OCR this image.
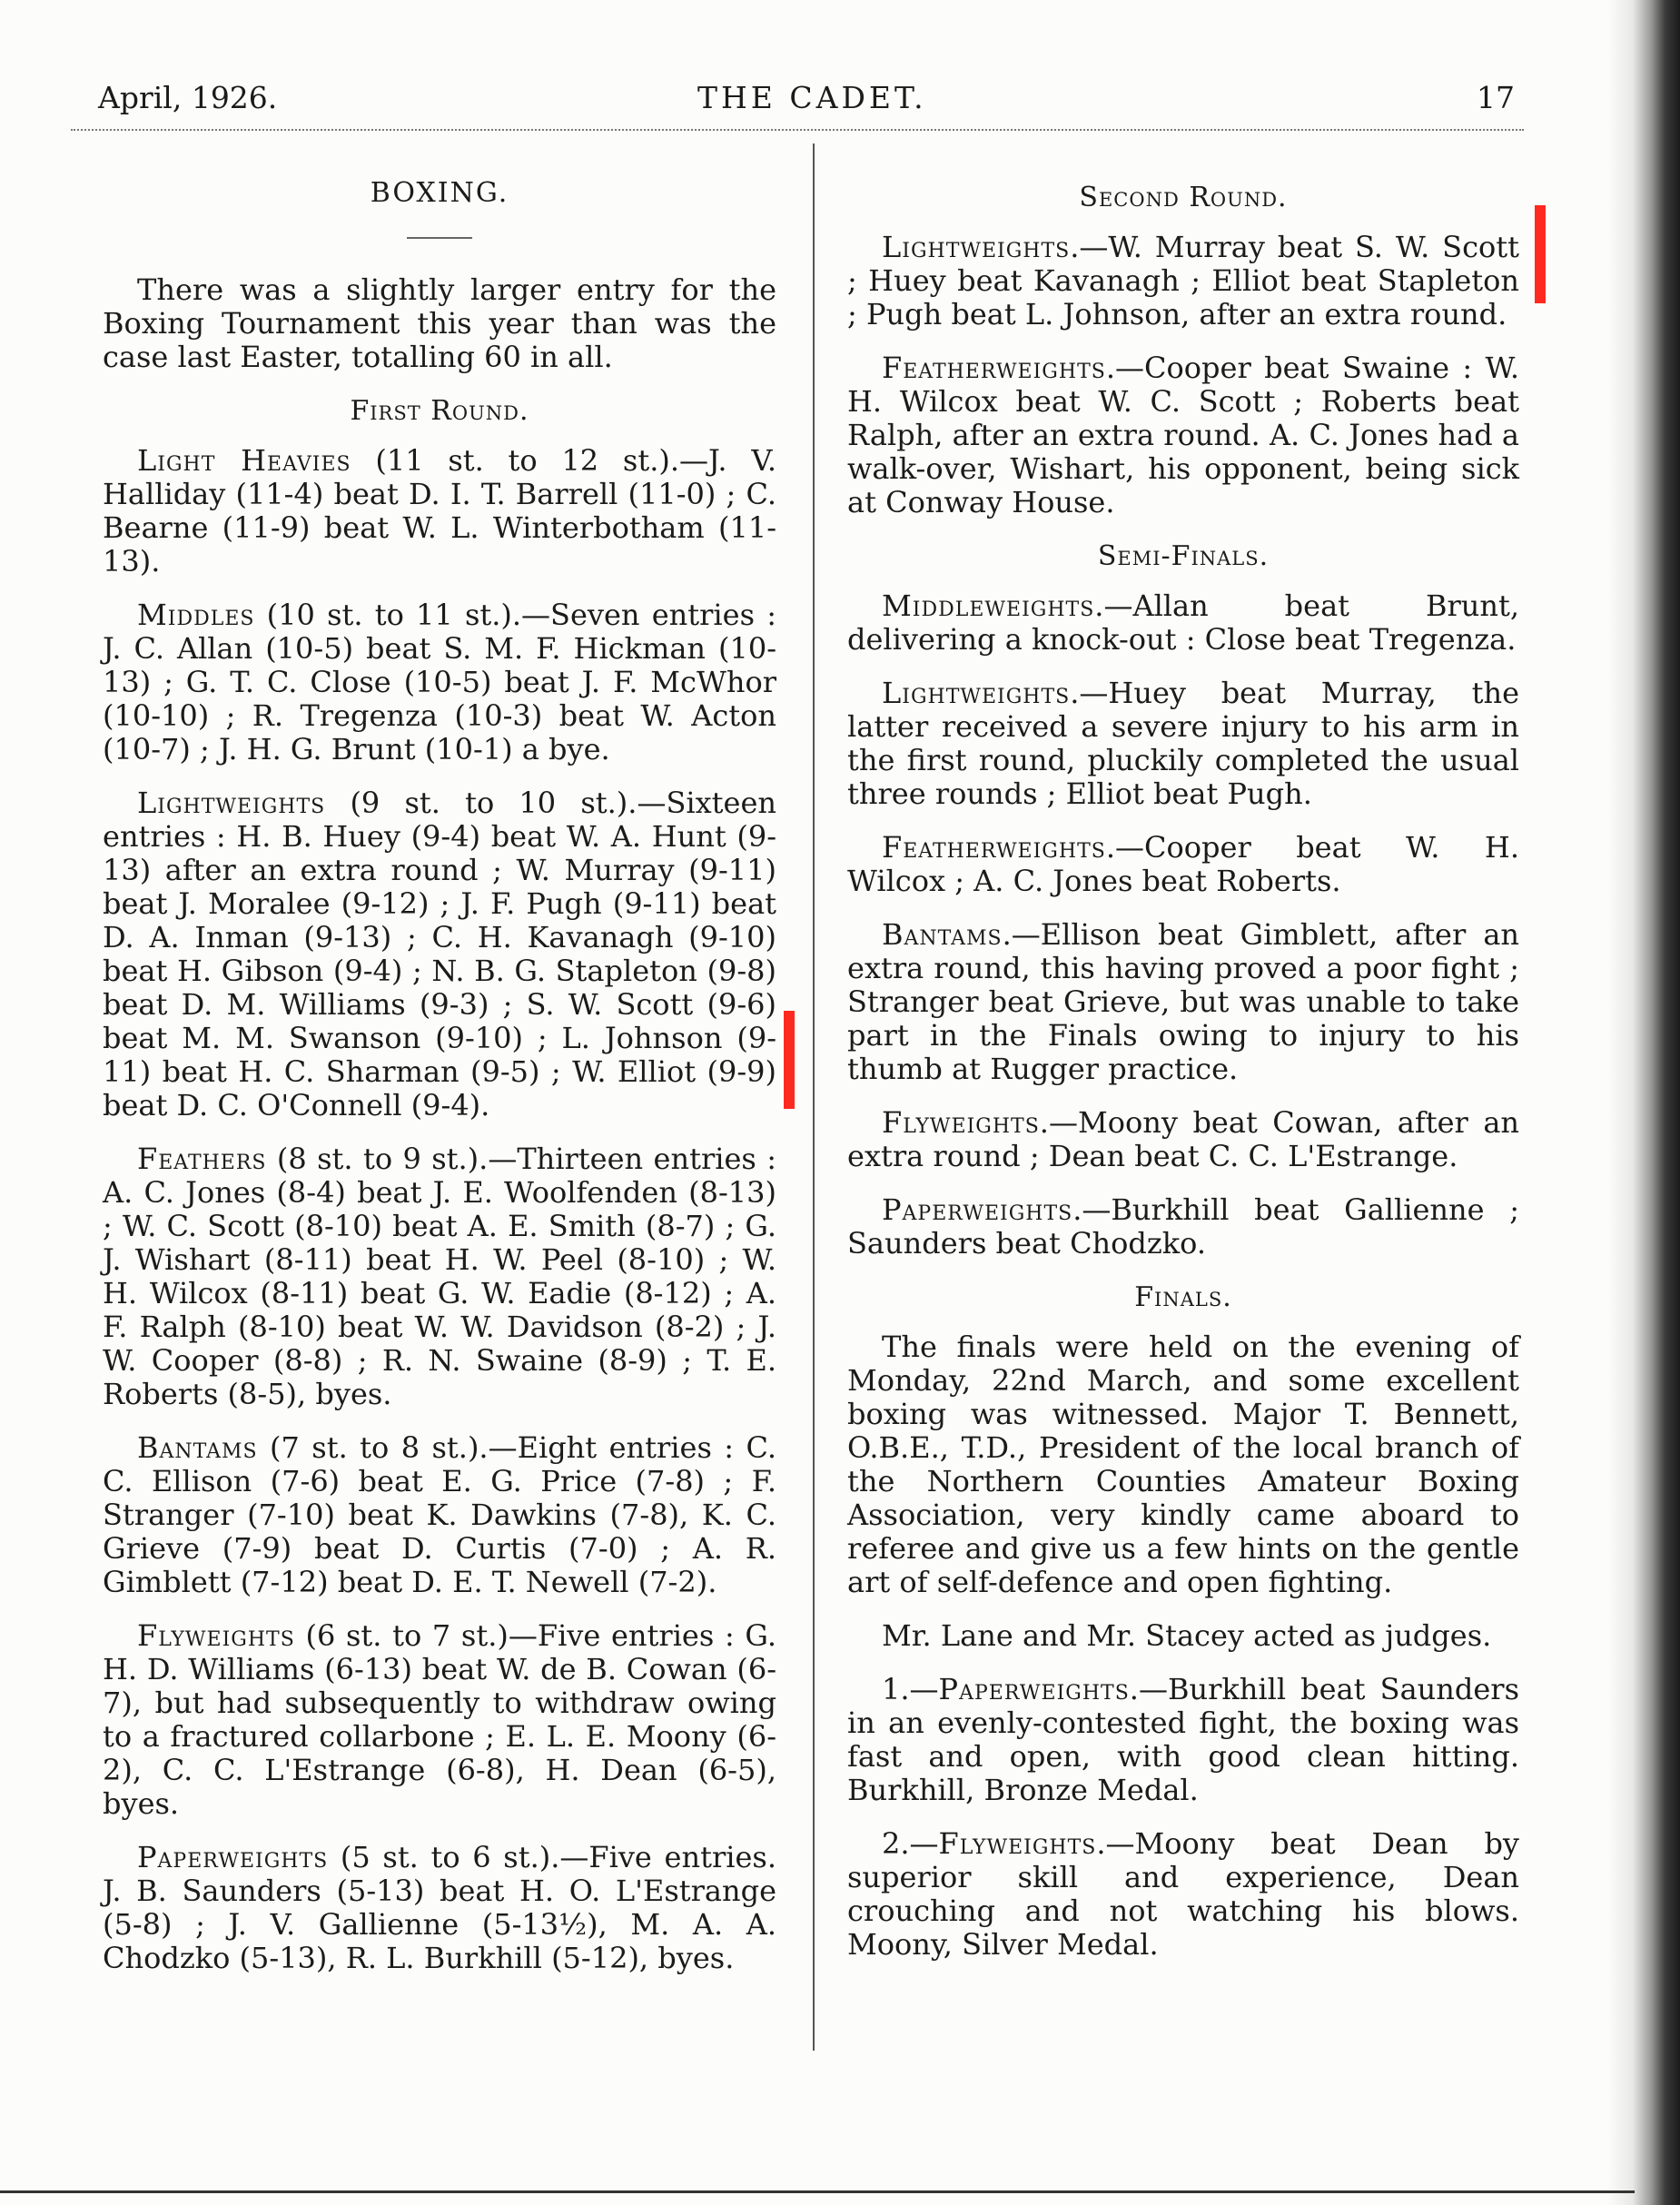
April, 1926.	THE CADET.	17
BOXING.

There was a slightly larger entry for the Boxing Tournament this year than was the case last Easter, totalling 60 in all.

First Round.

Light Heavies (11 st. to 12 st.).—J. V. Halliday (11-4) beat D. I. T. Barrell (11-0) ; C. Bearne (11-9) beat W. L. Winterbotham (11-13).

Middles (10 st. to 11 st.).—Seven entries : J. C. Allan (10-5) beat S. M. F. Hickman (10-13) ; G. T. C. Close (10-5) beat J. F. McWhor (10-10) ; R. Tregenza (10-3) beat W. Acton (10-7) ; J. H. G. Brunt (10-1) a bye.

Lightweights (9 st. to 10 st.).—Sixteen entries : H. B. Huey (9-4) beat W. A. Hunt (9-13) after an extra round ; W. Murray (9-11) beat J. Moralee (9-12) ; J. F. Pugh (9-11) beat D. A. Inman (9-13) ; C. H. Kavanagh (9-10) beat H. Gibson (9-4) ; N. B. G. Stapleton (9-8) beat D. M. Williams (9-3) ; S. W. Scott (9-6) beat M. M. Swanson (9-10) ; L. Johnson (9-11) beat H. C. Sharman (9-5) ; W. Elliot (9-9) beat D. C. O'Connell (9-4).

Feathers (8 st. to 9 st.).—Thirteen entries : A. C. Jones (8-4) beat J. E. Woolfenden (8-13) ; W. C. Scott (8-10) beat A. E. Smith (8-7) ; G. J. Wishart (8-11) beat H. W. Peel (8-10) ; W. H. Wilcox (8-11) beat G. W. Eadie (8-12) ; A. F. Ralph (8-10) beat W. W. Davidson (8-2) ; J. W. Cooper (8-8) ; R. N. Swaine (8-9) ; T. E. Roberts (8-5), byes.

Bantams (7 st. to 8 st.).—Eight entries : C. C. Ellison (7-6) beat E. G. Price (7-8) ; F. Stranger (7-10) beat K. Dawkins (7-8), K. C. Grieve (7-9) beat D. Curtis (7-0) ; A. R. Gimblett (7-12) beat D. E. T. Newell (7-2).

Flyweights (6 st. to 7 st.)—Five entries : G. H. D. Williams (6-13) beat W. de B. Cowan (6-7), but had subsequently to withdraw owing to a fractured collarbone ; E. L. E. Moony (6-2), C. C. L'Estrange (6-8), H. Dean (6-5), byes.

Paperweights (5 st. to 6 st.).—Five entries. J. B. Saunders (5-13) beat H. O. L'Estrange (5-8) ; J. V. Gallienne (5-13½), M. A. A. Chodzko (5-13), R. L. Burkhill (5-12), byes.

Second Round.

Lightweights.—W. Murray beat S. W. Scott ; Huey beat Kavanagh ; Elliot beat Stapleton ; Pugh beat L. Johnson, after an extra round.

Featherweights.—Cooper beat Swaine : W. H. Wilcox beat W. C. Scott ; Roberts beat Ralph, after an extra round. A. C. Jones had a walk-over, Wishart, his opponent, being sick at Conway House.

Semi-Finals.

Middleweights.—Allan beat Brunt, delivering a knock-out : Close beat Tregenza.

Lightweights.—Huey beat Murray, the latter received a severe injury to his arm in the first round, pluckily completed the usual three rounds ; Elliot beat Pugh.

Featherweights.—Cooper beat W. H. Wilcox ; A. C. Jones beat Roberts.

Bantams.—Ellison beat Gimblett, after an extra round, this having proved a poor fight ; Stranger beat Grieve, but was unable to take part in the Finals owing to injury to his thumb at Rugger practice.

Flyweights.—Moony beat Cowan, after an extra round ; Dean beat C. C. L'Estrange.

Paperweights.—Burkhill beat Gallienne ; Saunders beat Chodzko.

Finals.

The finals were held on the evening of Monday, 22nd March, and some excellent boxing was witnessed. Major T. Bennett, O.B.E., T.D., President of the local branch of the Northern Counties Amateur Boxing Association, very kindly came aboard to referee and give us a few hints on the gentle art of self-defence and open fighting.

Mr. Lane and Mr. Stacey acted as judges.

1.—Paperweights.—Burkhill beat Saunders in an evenly-contested fight, the boxing was fast and open, with good clean hitting. Burkhill, Bronze Medal.

2.—Flyweights.—Moony beat Dean by superior skill and experience, Dean crouching and not watching his blows. Moony, Silver Medal.
